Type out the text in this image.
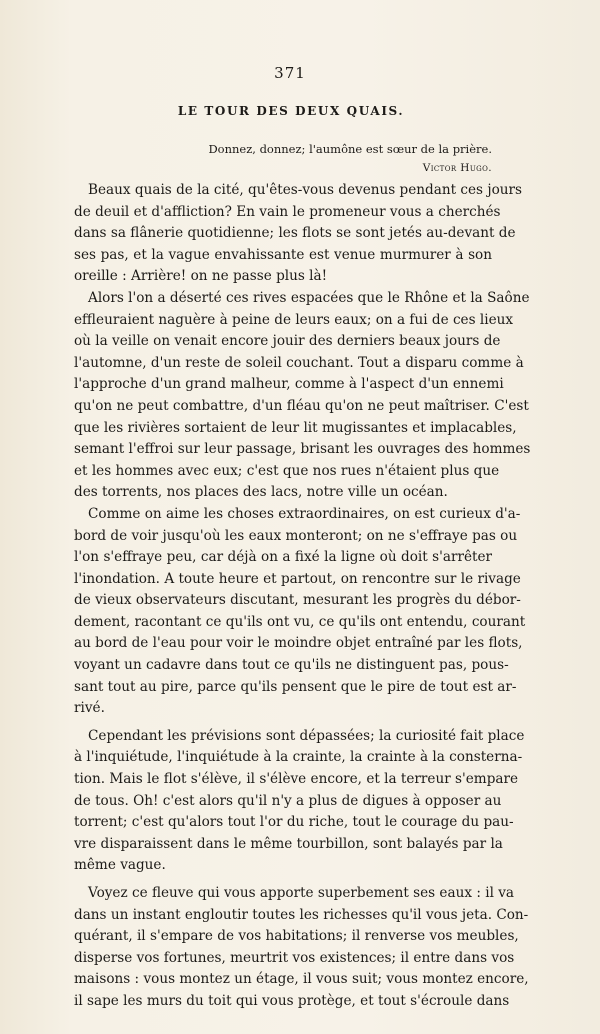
371
LE TOUR DES DEUX QUAIS.
Donnez, donnez; l'aumône est sœur de la prière.
Victor Hugo.

Beaux quais de la cité, qu'êtes-vous devenus pendant ces jours
de deuil et d'affliction? En vain le promeneur vous a cherchés
dans sa flânerie quotidienne; les flots se sont jetés au-devant de
ses pas, et la vague envahissante est venue murmurer à son
oreille : Arrière! on ne passe plus là!

Alors l'on a déserté ces rives espacées que le Rhône et la Saône
effleuraient naguère à peine de leurs eaux; on a fui de ces lieux
où la veille on venait encore jouir des derniers beaux jours de
l'automne, d'un reste de soleil couchant. Tout a disparu comme à
l'approche d'un grand malheur, comme à l'aspect d'un ennemi
qu'on ne peut combattre, d'un fléau qu'on ne peut maîtriser. C'est
que les rivières sortaient de leur lit mugissantes et implacables,
semant l'effroi sur leur passage, brisant les ouvrages des hommes
et les hommes avec eux; c'est que nos rues n'étaient plus que
des torrents, nos places des lacs, notre ville un océan.

Comme on aime les choses extraordinaires, on est curieux d'a-
bord de voir jusqu'où les eaux monteront; on ne s'effraye pas ou
l'on s'effraye peu, car déjà on a fixé la ligne où doit s'arrêter
l'inondation. A toute heure et partout, on rencontre sur le rivage
de vieux observateurs discutant, mesurant les progrès du débor-
dement, racontant ce qu'ils ont vu, ce qu'ils ont entendu, courant
au bord de l'eau pour voir le moindre objet entraîné par les flots,
voyant un cadavre dans tout ce qu'ils ne distinguent pas, pous-
sant tout au pire, parce qu'ils pensent que le pire de tout est ar-
rivé.

Cependant les prévisions sont dépassées; la curiosité fait place
à l'inquiétude, l'inquiétude à la crainte, la crainte à la consterna-
tion. Mais le flot s'élève, il s'élève encore, et la terreur s'empare
de tous. Oh! c'est alors qu'il n'y a plus de digues à opposer au
torrent; c'est qu'alors tout l'or du riche, tout le courage du pau-
vre disparaissent dans le même tourbillon, sont balayés par la
même vague.

Voyez ce fleuve qui vous apporte superbement ses eaux : il va
dans un instant engloutir toutes les richesses qu'il vous jeta. Con-
quérant, il s'empare de vos habitations; il renverse vos meubles,
disperse vos fortunes, meurtrit vos existences; il entre dans vos
maisons : vous montez un étage, il vous suit; vous montez encore,
il sape les murs du toit qui vous protège, et tout s'écroule dans
